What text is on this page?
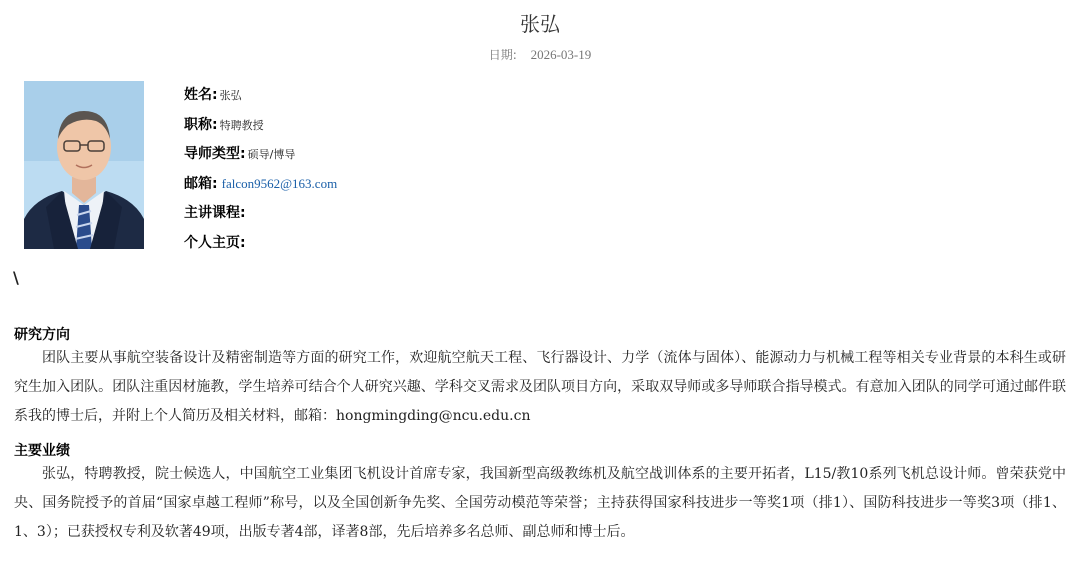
张弘
日期: 2026-03-19
姓名: 张弘
职称: 特聘教授
导师类型: 硕导/博导
邮箱: falcon9562@163.com
主讲课程:
个人主页:
\
研究方向
团队主要从事航空装备设计及精密制造等方面的研究工作，欢迎航空航天工程、飞行器设计、力学（流体与固体）、能源动力与机械工程等相关专业背景的本科生或研究生加入团队。团队注重因材施教，学生培养可结合个人研究兴趣、学科交叉需求及团队项目方向，采取双导师或多导师联合指导模式。有意加入团队的同学可通过邮件联系我的博士后，并附上个人简历及相关材料，邮箱：hongmingding@ncu.edu.cn
主要业绩
张弘，特聘教授，院士候选人，中国航空工业集团飞机设计首席专家，我国新型高级教练机及航空战训体系的主要开拓者，L15/教10系列飞机总设计师。曾荣获党中央、国务院授予的首届“国家卓越工程师”称号，以及全国创新争先奖、全国劳动模范等荣誉；主持获得国家科技进步一等奖1项（排1）、国防科技进步一等奖3项（排1、1、3）；已获授权专利及软著49项，出版专著4部，译著8部，先后培养多名总师、副总师和博士后。
